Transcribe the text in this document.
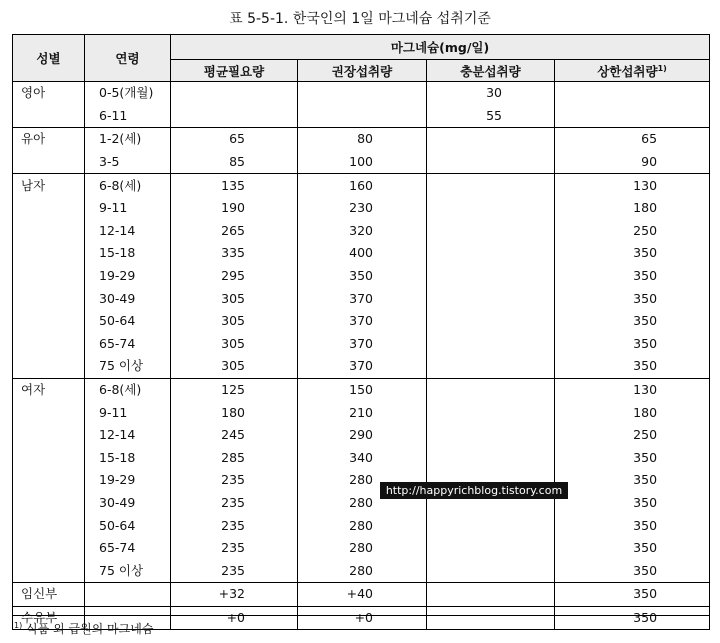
표 5-5-1. 한국인의 1일 마그네슘 섭취기준
성별	연령	마그네슘(mg/일)			
		평균필요량	권장섭취량	충분섭취량	상한섭취량$^{1)}$
영아	0-5(개월)			30	
	6-11			55	
유아	1-2(세)	65	80		65
	3-5	85	100		90
남자	6-8(세)	135	160		130
	9-11	190	230		180
	12-14	265	320		250
	15-18	335	400		350
	19-29	295	350		350
	30-49	305	370		350
	50-64	305	370		350
	65-74	305	370		350
	75 이상	305	370		350
여자	6-8(세)	125	150		130
	9-11	180	210		180
	12-14	245	290		250
	15-18	285	340		350
	19-29	235	280		350
	30-49	235	280		350
	50-64	235	280		350
	65-74	235	280		350
	75 이상	235	280		350
임신부		+32	+40		350
수유부		+0	+0		350
$^{1)}$ 식품 외 급원의 마그네슘
http://happyrichblog.tistory.com
